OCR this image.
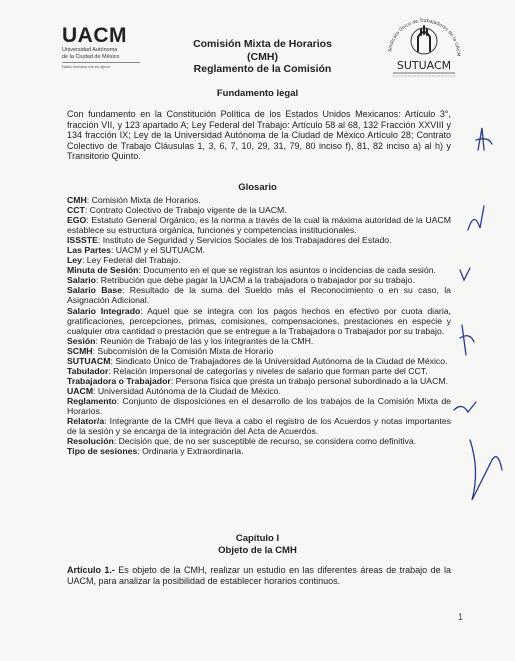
UACM
Universidad Autónoma
de la Ciudad de México
Nada humano me es ajeno
Comisión Mixta de Horarios
(CMH)
Reglamento de la Comisión
Sindicato Único de Trabajadores de la UACM
SUTUACM
Fundamento legal
Con fundamento en la Constitución Política de los Estados Unidos Mexicanos: Artículo 3°, fracción VII, y 123 apartado A; Ley Federal del Trabajo: Artículo 58 al 68, 132 Fracción XXVIII y 134 fracción IX; Ley de la Universidad Autónoma de la Ciudad de México Artículo 28; Contrato Colectivo de Trabajo Cláusulas 1, 3, 6, 7, 10, 29, 31, 79, 80 inciso f), 81, 82 inciso a) al h) y Transitorio Quinto.
Glosario
CMH: Comisión Mixta de Horarios.
CCT: Contrato Colectivo de Trabajo vigente de la UACM.
EGO: Estatuto General Orgánico, es la norma a través de la cual la máxima autoridad de la UACM establece su estructura orgánica, funciones y competencias institucionales.
ISSSTE: Instituto de Seguridad y Servicios Sociales de los Trabajadores del Estado.
Las Partes: UACM y el SUTUACM.
Ley: Ley Federal del Trabajo.
Minuta de Sesión: Documento en el que se registran los asuntos o incidencias de cada sesión.
Salario: Retribución que debe pagar la UACM a la trabajadora o trabajador por su trabajo.
Salario Base: Resultado de la suma del Sueldo más el Reconocimiento o en su caso, la Asignación Adicional.
Salario Integrado: Aquel que se integra con los pagos hechos en efectivo por cuota diaria, gratificaciones, percepciones, primas, comisiones, compensaciones, prestaciones en especie y cualquier otra cantidad o prestación que se entregue a la Trabajadora o Trabajador por su trabajo.
Sesión: Reunión de Trabajo de las y los integrantes de la CMH.
SCMH: Subcomisión de la Comisión Mixta de Horario
SUTUACM: Sindicato Único de Trabajadores de la Universidad Autónoma de la Ciudad de México.
Tabulador: Relación impersonal de categorías y niveles de salario que forman parte del CCT.
Trabajadora o Trabajador: Persona física que presta un trabajo personal subordinado a la UACM.
UACM: Universidad Autónoma de la Ciudad de México.
Reglamento: Conjunto de disposiciones en el desarrollo de los trabajos de la Comisión Mixta de Horarios.
Relator/a: Integrante de la CMH que lleva a cabo el registro de los Acuerdos y notas importantes de la sesión y se encarga de la integración del Acta de Acuerdos.
Resolución: Decisión que, de no ser susceptible de recurso, se considera como definitiva.
Tipo de sesiones: Ordinaria y Extraordinaria.
Capítulo I
Objeto de la CMH
Artículo 1.- Es objeto de la CMH, realizar un estudio en las diferentes áreas de trabajo de la UACM, para analizar la posibilidad de establecer horarios continuos.
1
